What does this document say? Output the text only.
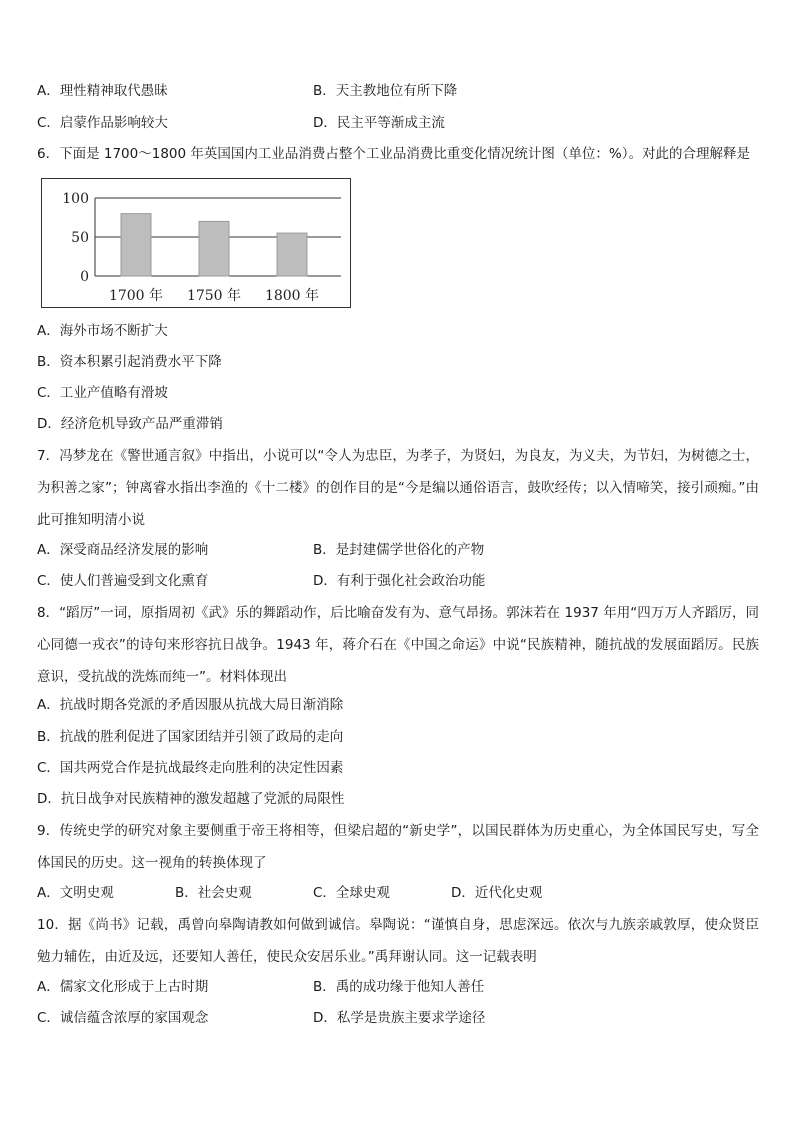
A．理性精神取代愚昧	B．天主教地位有所下降
C．启蒙作品影响较大	D．民主平等渐成主流
6．下面是 1700～1800 年英国国内工业品消费占整个工业品消费比重变化情况统计图（单位：%）。对此的合理解释是
0
50
100
1700 年 1750 年 1800 年
A．海外市场不断扩大
B．资本积累引起消费水平下降
C．工业产值略有滑坡
D．经济危机导致产品严重滞销
7．冯梦龙在《警世通言叙》中指出，小说可以“令人为忠臣，为孝子，为贤妇，为良友，为义夫，为节妇，为树德之士，为积善之家”；钟离睿水指出李渔的《十二楼》的创作目的是“今是编以通俗语言，鼓吹经传；以入情啼笑，接引顽痴。”由此可推知明清小说
A．深受商品经济发展的影响	B．是封建儒学世俗化的产物
C．使人们普遍受到文化熏育	D．有利于强化社会政治功能
8．“蹈厉”一词，原指周初《武》乐的舞蹈动作，后比喻奋发有为、意气昂扬。郭沫若在 1937 年用“四万万人齐蹈厉，同心同德一戎衣”的诗句来形容抗日战争。1943 年，蒋介石在《中国之命运》中说“民族精神，随抗战的发展面蹈厉。民族意识，受抗战的洗炼而纯一”。材料体现出
A．抗战时期各党派的矛盾因服从抗战大局日渐消除
B．抗战的胜利促进了国家团结并引领了政局的走向
C．国共两党合作是抗战最终走向胜利的决定性因素
D．抗日战争对民族精神的激发超越了党派的局限性
9．传统史学的研究对象主要侧重于帝王将相等，但梁启超的“新史学”，以国民群体为历史重心，为全体国民写史，写全体国民的历史。这一视角的转换体现了
A．文明史观	B．社会史观	C．全球史观	D．近代化史观
10．据《尚书》记载，禹曾向皋陶请教如何做到诚信。皋陶说：“谨慎自身，思虑深远。依次与九族亲戚敦厚，使众贤臣勉力辅佐，由近及远，还要知人善任，使民众安居乐业。”禹拜谢认同。这一记载表明
A．儒家文化形成于上古时期	B．禹的成功缘于他知人善任
C．诚信蕴含浓厚的家国观念	D．私学是贵族主要求学途径
